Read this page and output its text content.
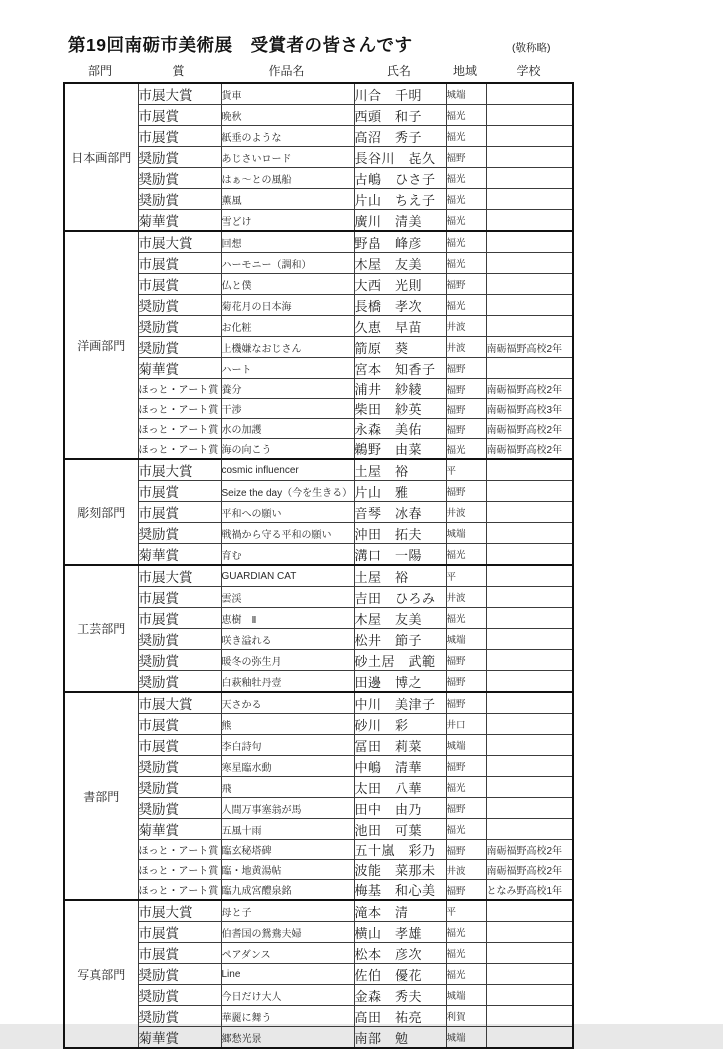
第19回南砺市美術展　受賞者の皆さんです	(敬称略)
部門	賞	作品名	氏名	地域	学校
日本画部門	市展大賞	貨車	川合　千明	城端	
	市展賞	晩秋	西頭　和子	福光	
	市展賞	紙垂のような	高沼　秀子	福光	
	奨励賞	あじさいロード	長谷川　㐂久	福野	
	奨励賞	はぁ～との風船	古嶋　ひさ子	福光	
	奨励賞	薫風	片山　ちえ子	福光	
	菊華賞	雪どけ	廣川　清美	福光	
洋画部門	市展大賞	回想	野畠　峰彦	福光	
	市展賞	ハーモニー（調和）	木屋　友美	福光	
	市展賞	仏と僕	大西　光則	福野	
	奨励賞	菊花月の日本海	長橋　孝次	福光	
	奨励賞	お化粧	久恵　早苗	井波	
	奨励賞	上機嫌なおじさん	箭原　葵	井波	南砺福野高校2年
	菊華賞	ハート	宮本　知香子	福野	
	ほっと・アート賞	養分	浦井　紗綾	福野	南砺福野高校2年
	ほっと・アート賞	干渉	柴田　紗英	福野	南砺福野高校3年
	ほっと・アート賞	水の加護	永森　美佑	福野	南砺福野高校2年
	ほっと・アート賞	海の向こう	鵜野　由菜	福光	南砺福野高校2年
彫刻部門	市展大賞	cosmic influencer	土屋　裕	平	
	市展賞	Seize the day（今を生きる）	片山　雅	福野	
	市展賞	平和への願い	音琴　冰春	井波	
	奨励賞	戦禍から守る平和の願い	沖田　拓夫	城端	
	菊華賞	育む	溝口　一陽	福光	
工芸部門	市展大賞	GUARDIAN CAT	土屋　裕	平	
	市展賞	雲渓	吉田　ひろみ	井波	
	市展賞	恵樹　Ⅱ	木屋　友美	福光	
	奨励賞	咲き溢れる	松井　節子	城端	
	奨励賞	暖冬の弥生月	砂土居　武範	福野	
	奨励賞	白萩釉牡丹壹	田邊　博之	福野	
書部門	市展大賞	天さかる	中川　美津子	福野	
	市展賞	熊	砂川　彩	井口	
	市展賞	李白詩句	冨田　莉菜	城端	
	奨励賞	寒星臨水動	中嶋　清華	福野	
	奨励賞	飛	太田　八華	福光	
	奨励賞	人間万事塞翁が馬	田中　由乃	福野	
	菊華賞	五風十雨	池田　可葉	福光	
	ほっと・アート賞	臨玄秘塔碑	五十嵐　彩乃	福野	南砺福野高校2年
	ほっと・アート賞	臨・地黄湯帖	波能　菜那未	井波	南砺福野高校2年
	ほっと・アート賞	臨九成宮醴泉銘	梅基　和心美	福野	となみ野高校1年
写真部門	市展大賞	母と子	滝本　清	平	
	市展賞	伯耆国の鴛鴦夫婦	横山　孝雄	福光	
	市展賞	ペアダンス	松本　彦次	福光	
	奨励賞	Line	佐伯　優花	福光	
	奨励賞	今日だけ大人	金森　秀夫	城端	
	奨励賞	華麗に舞う	高田　祐亮	利賀	
	菊華賞	郷愁光景	南部　勉	城端	
